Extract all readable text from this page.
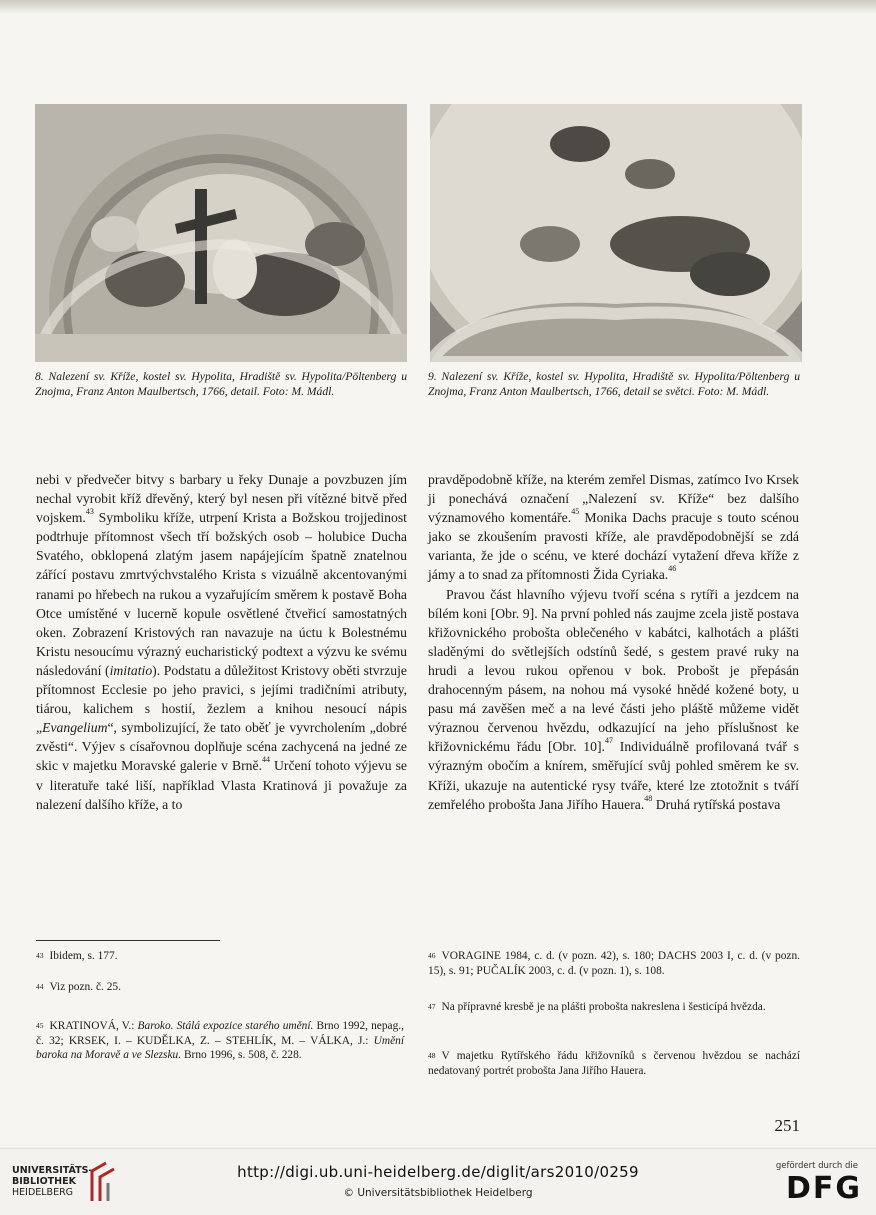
8. Nalezení sv. Kříže, kostel sv. Hypolita, Hradiště sv. Hypolita/Pöltenberg u Znojma, Franz Anton Maulbertsch, 1766, detail. Foto: M. Mádl.
9. Nalezení sv. Kříže, kostel sv. Hypolita, Hradiště sv. Hypolita/Pöltenberg u Znojma, Franz Anton Maulbertsch, 1766, detail se světci. Foto: M. Mádl.

nebi v předvečer bitvy s barbary u řeky Dunaje a povzbuzen jím nechal vyrobit kříž dřevěný, který byl nesen při vítězné bitvě před vojskem.$^{43}$ Symboliku kříže, utrpení Krista a Božskou trojjedinost podtrhuje přítomnost všech tří božských osob – holubice Ducha Svatého, obklopená zlatým jasem napájejícím špatně znatelnou zářící postavu zmrtvýchvstalého Krista s vizuálně akcentovanými ranami po hřebech na rukou a vyzařujícím směrem k postavě Boha Otce umístěné v lucerně kopule osvětlené čtveřicí samostatných oken. Zobrazení Kristových ran navazuje na úctu k Bolestnému Kristu nesoucímu výrazný eucharistický podtext a výzvu ke svému následování (imitatio). Podstatu a důležitost Kristovy oběti stvrzuje přítomnost Ecclesie po jeho pravici, s jejími tradičními atributy, tiárou, kalichem s hostií, žezlem a knihou nesoucí nápis „Evangelium“, symbolizující, že tato oběť je vyvrcholením „dobré zvěsti“. Výjev s císařovnou doplňuje scéna zachycená na jedné ze skic v majetku Moravské galerie v Brně.$^{44}$ Určení tohoto výjevu se v literatuře také liší, například Vlasta Kratinová ji považuje za nalezení dalšího kříže, a to

pravděpodobně kříže, na kterém zemřel Dismas, zatímco Ivo Krsek ji ponechává označení „Nalezení sv. Kříže“ bez dalšího významového komentáře.$^{45}$ Monika Dachs pracuje s touto scénou jako se zkoušením pravosti kříže, ale pravděpodobnější se zdá varianta, že jde o scénu, ve které dochází vytažení dřeva kříže z jámy a to snad za přítomnosti Žida Cyriaka.$^{46}$

Pravou část hlavního výjevu tvoří scéna s rytíři a jezdcem na bílém koni [Obr. 9]. Na první pohled nás zaujme zcela jistě postava křižovnického proboštа oblečeného v kabátci, kalhotách a plášti sladěnými do světlejších odstínů šedé, s gestem pravé ruky na hrudi a levou rukou opřenou v bok. Probošt je přepásán drahocenným pásem, na nohou má vysoké hnědé kožené boty, u pasu má zavěšen meč a na levé části jeho pláště můžeme vidět výraznou červenou hvězdu, odkazující na jeho příslušnost ke křižovnickému řádu [Obr. 10].$^{47}$ Individuálně profilovaná tvář s výrazným obočím a knírem, směřující svůj pohled směrem ke sv. Kříži, ukazuje na autentické rysy tváře, které lze ztotožnit s tváří zemřelého probošta Jana Jiřího Hauera.$^{48}$ Druhá rytířská postava

$^{43}$ Ibidem, s. 177.
$^{44}$ Viz pozn. č. 25.
$^{45}$ KRATINOVÁ, V.: Baroko. Stálá expozice starého umění. Brno 1992, nepag., č. 32; KRSEK, I. – KUDĚLKA, Z. – STEHLÍK, M. – VÁLKA, J.: Umění baroka na Moravě a ve Slezsku. Brno 1996, s. 508, č. 228.
$^{46}$ VORAGINE 1984, c. d. (v pozn. 42), s. 180; DACHS 2003 I, c. d. (v pozn. 15), s. 91; PUČALÍK 2003, c. d. (v pozn. 1), s. 108.
$^{47}$ Na přípravné kresbě je na plášti probošta nakreslena i šesticípá hvězda.
$^{48}$ V majetku Rytířského řádu křižovníků s červenou hvězdou se nachází nedatovaný portrét probošta Jana Jiřího Hauera.
251
UNIVERSITÄTS-
BIBLIOTHEK
HEIDELBERG
http://digi.ub.uni-heidelberg.de/diglit/ars2010/0259
© Universitätsbibliothek Heidelberg
gefördert durch die
DFG
